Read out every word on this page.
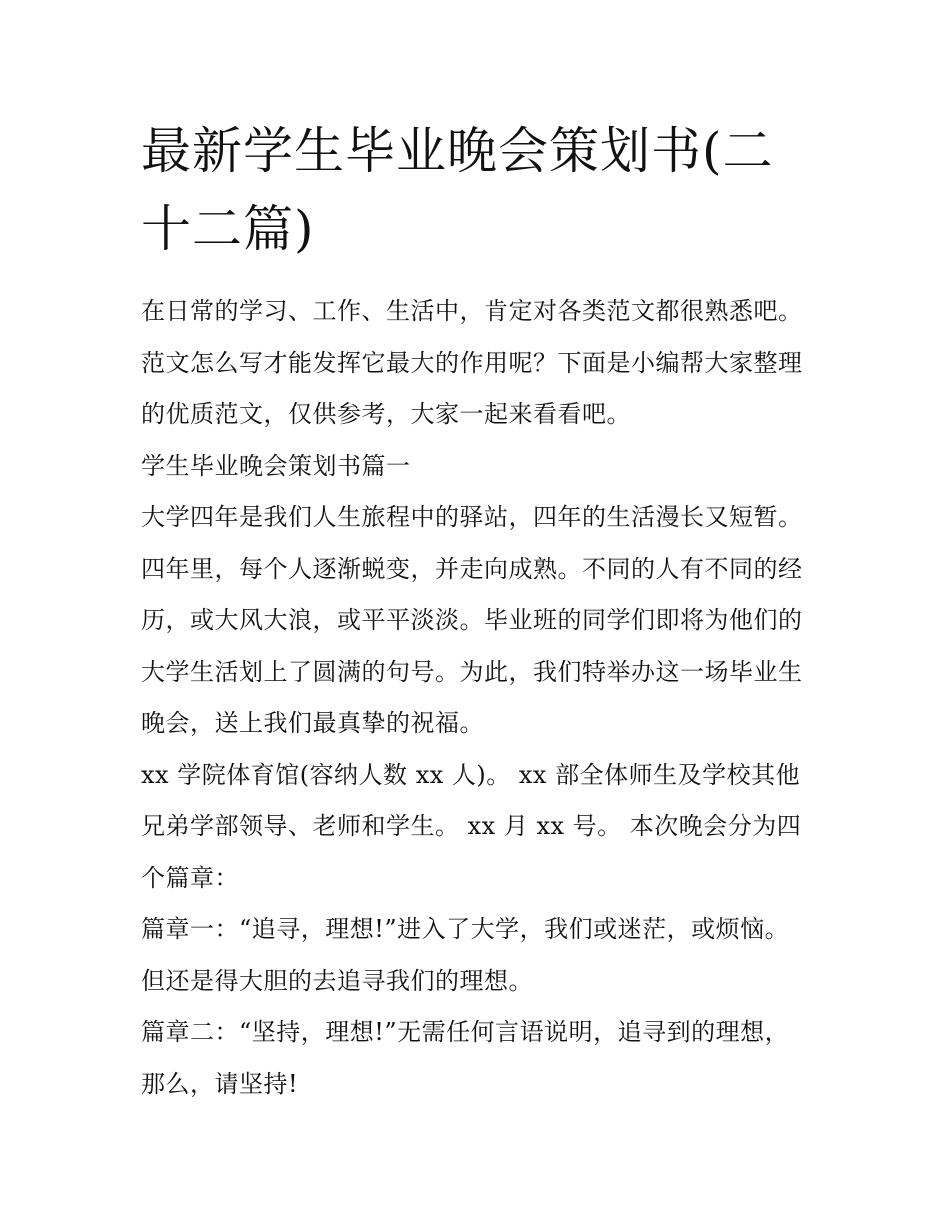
最新学生毕业晚会策划书(二十二篇)

在日常的学习、工作、生活中，肯定对各类范文都很熟悉吧。范文怎么写才能发挥它最大的作用呢？下面是小编帮大家整理的优质范文，仅供参考，大家一起来看看吧。

学生毕业晚会策划书篇一

大学四年是我们人生旅程中的驿站，四年的生活漫长又短暂。四年里，每个人逐渐蜕变，并走向成熟。不同的人有不同的经历，或大风大浪，或平平淡淡。毕业班的同学们即将为他们的大学生活划上了圆满的句号。为此，我们特举办这一场毕业生晚会，送上我们最真挚的祝福。

xx 学院体育馆(容纳人数 xx 人)。 xx 部全体师生及学校其他兄弟学部领导、老师和学生。 xx 月 xx 号。 本次晚会分为四个篇章：

篇章一：“追寻，理想!”进入了大学，我们或迷茫，或烦恼。但还是得大胆的去追寻我们的理想。

篇章二：“坚持，理想!”无需任何言语说明，追寻到的理想，那么，请坚持!
